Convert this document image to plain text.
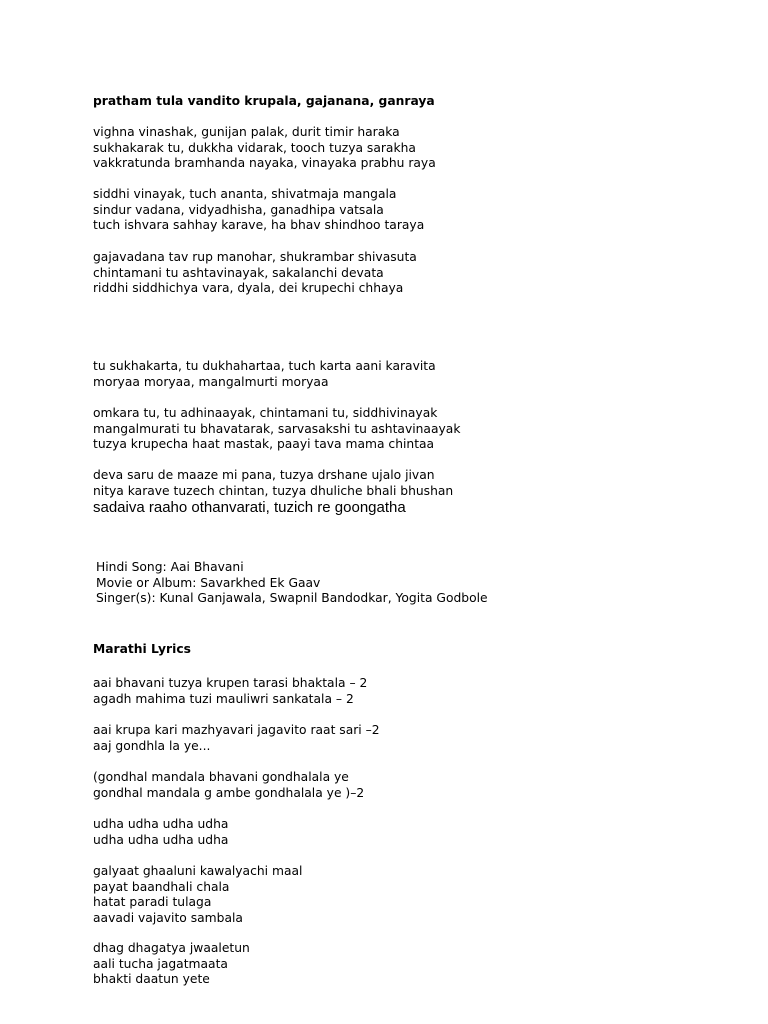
pratham tula vandito krupala, gajanana, ganraya
vighna vinashak, gunijan palak, durit timir haraka
sukhakarak tu, dukkha vidarak, tooch tuzya sarakha
vakkratunda bramhanda nayaka, vinayaka prabhu raya
siddhi vinayak, tuch ananta, shivatmaja mangala
sindur vadana, vidyadhisha, ganadhipa vatsala
tuch ishvara sahhay karave, ha bhav shindhoo taraya
gajavadana tav rup manohar, shukrambar shivasuta
chintamani tu ashtavinayak, sakalanchi devata
riddhi siddhichya vara, dyala, dei krupechi chhaya
tu sukhakarta, tu dukhahartaa, tuch karta aani karavita
moryaa moryaa, mangalmurti moryaa
omkara tu, tu adhinaayak, chintamani tu, siddhivinayak
mangalmurati tu bhavatarak, sarvasakshi tu ashtavinaayak
tuzya krupecha haat mastak, paayi tava mama chintaa
deva saru de maaze mi pana, tuzya drshane ujalo jivan
nitya karave tuzech chintan, tuzya dhuliche bhali bhushan
sadaiva raaho othanvarati, tuzich re goongatha
Hindi Song: Aai Bhavani
Movie or Album: Savarkhed Ek Gaav
Singer(s): Kunal Ganjawala, Swapnil Bandodkar, Yogita Godbole
Marathi Lyrics
aai bhavani tuzya krupen tarasi bhaktala – 2
agadh mahima tuzi mauliwri sankatala – 2
aai krupa kari mazhyavari jagavito raat sari –2
aaj gondhla la ye...
(gondhal mandala bhavani gondhalala ye
gondhal mandala g ambe gondhalala ye )–2
udha udha udha udha
udha udha udha udha
galyaat ghaaluni kawalyachi maal
payat baandhali chala
hatat paradi tulaga
aavadi vajavito sambala
dhag dhagatya jwaaletun
aali tucha jagatmaata
bhakti daatun yete
